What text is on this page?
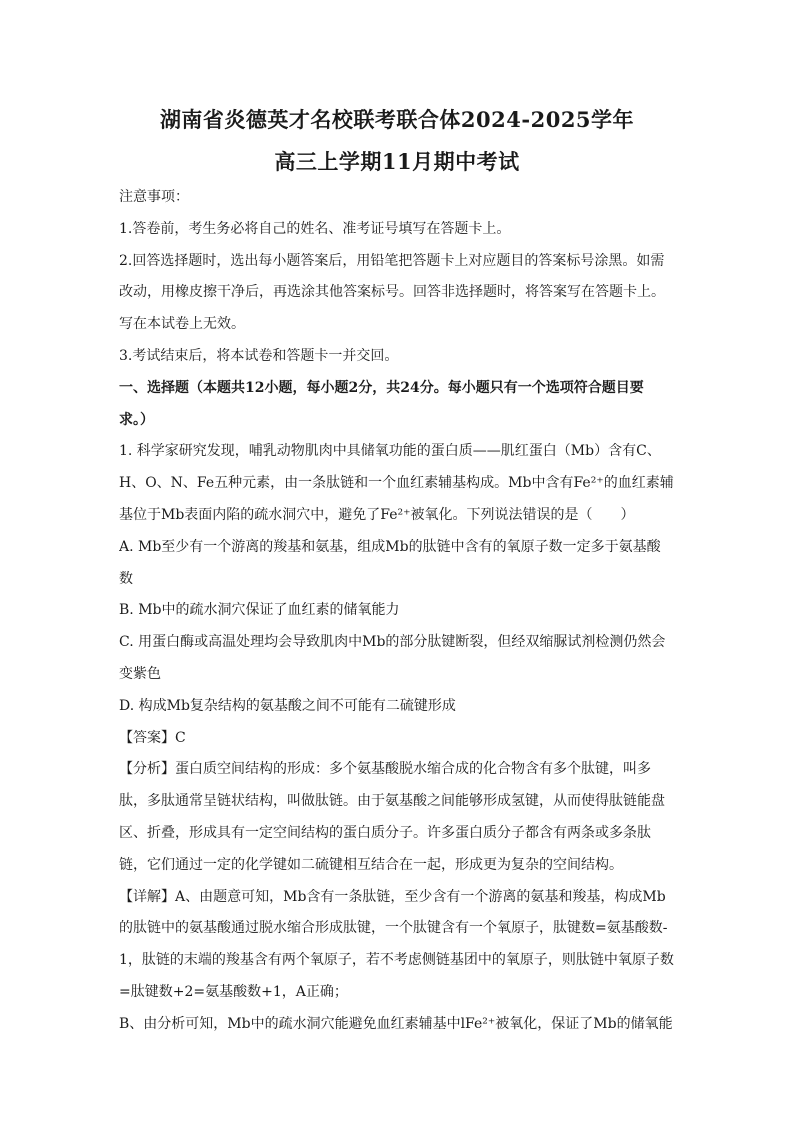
湖南省炎德英才名校联考联合体2024-2025学年
高三上学期11月期中考试
注意事项：
1.答卷前，考生务必将自己的姓名、准考证号填写在答题卡上。
2.回答选择题时，选出每小题答案后，用铅笔把答题卡上对应题目的答案标号涂黑。如需
改动，用橡皮擦干净后，再选涂其他答案标号。回答非选择题时，将答案写在答题卡上。
写在本试卷上无效。
3.考试结束后，将本试卷和答题卡一并交回。
一、选择题（本题共12小题，每小题2分，共24分。每小题只有一个选项符合题目要
求。）
1. 科学家研究发现，哺乳动物肌肉中具储氧功能的蛋白质——肌红蛋白（Mb）含有C、
H、O、N、Fe五种元素，由一条肽链和一个血红素辅基构成。Mb中含有Fe²⁺的血红素辅
基位于Mb表面内陷的疏水洞穴中，避免了Fe²⁺被氧化。下列说法错误的是（　　）
A. Mb至少有一个游离的羧基和氨基，组成Mb的肽链中含有的氧原子数一定多于氨基酸
数
B. Mb中的疏水洞穴保证了血红素的储氧能力
C. 用蛋白酶或高温处理均会导致肌肉中Mb的部分肽键断裂，但经双缩脲试剂检测仍然会
变紫色
D. 构成Mb复杂结构的氨基酸之间不可能有二硫键形成
【答案】C
【分析】蛋白质空间结构的形成：多个氨基酸脱水缩合成的化合物含有多个肽键，叫多
肽，多肽通常呈链状结构，叫做肽链。由于氨基酸之间能够形成氢键，从而使得肽链能盘
区、折叠，形成具有一定空间结构的蛋白质分子。许多蛋白质分子都含有两条或多条肽
链，它们通过一定的化学键如二硫键相互结合在一起，形成更为复杂的空间结构。
【详解】A、由题意可知，Mb含有一条肽链，至少含有一个游离的氨基和羧基，构成Mb
的肽链中的氨基酸通过脱水缩合形成肽键，一个肽键含有一个氧原子，肽键数=氨基酸数-
1，肽链的末端的羧基含有两个氧原子，若不考虑侧链基团中的氧原子，则肽链中氧原子数
=肽键数+2=氨基酸数+1，A正确；
B、由分析可知，Mb中的疏水洞穴能避免血红素辅基中lFe²⁺被氧化，保证了Mb的储氧能
